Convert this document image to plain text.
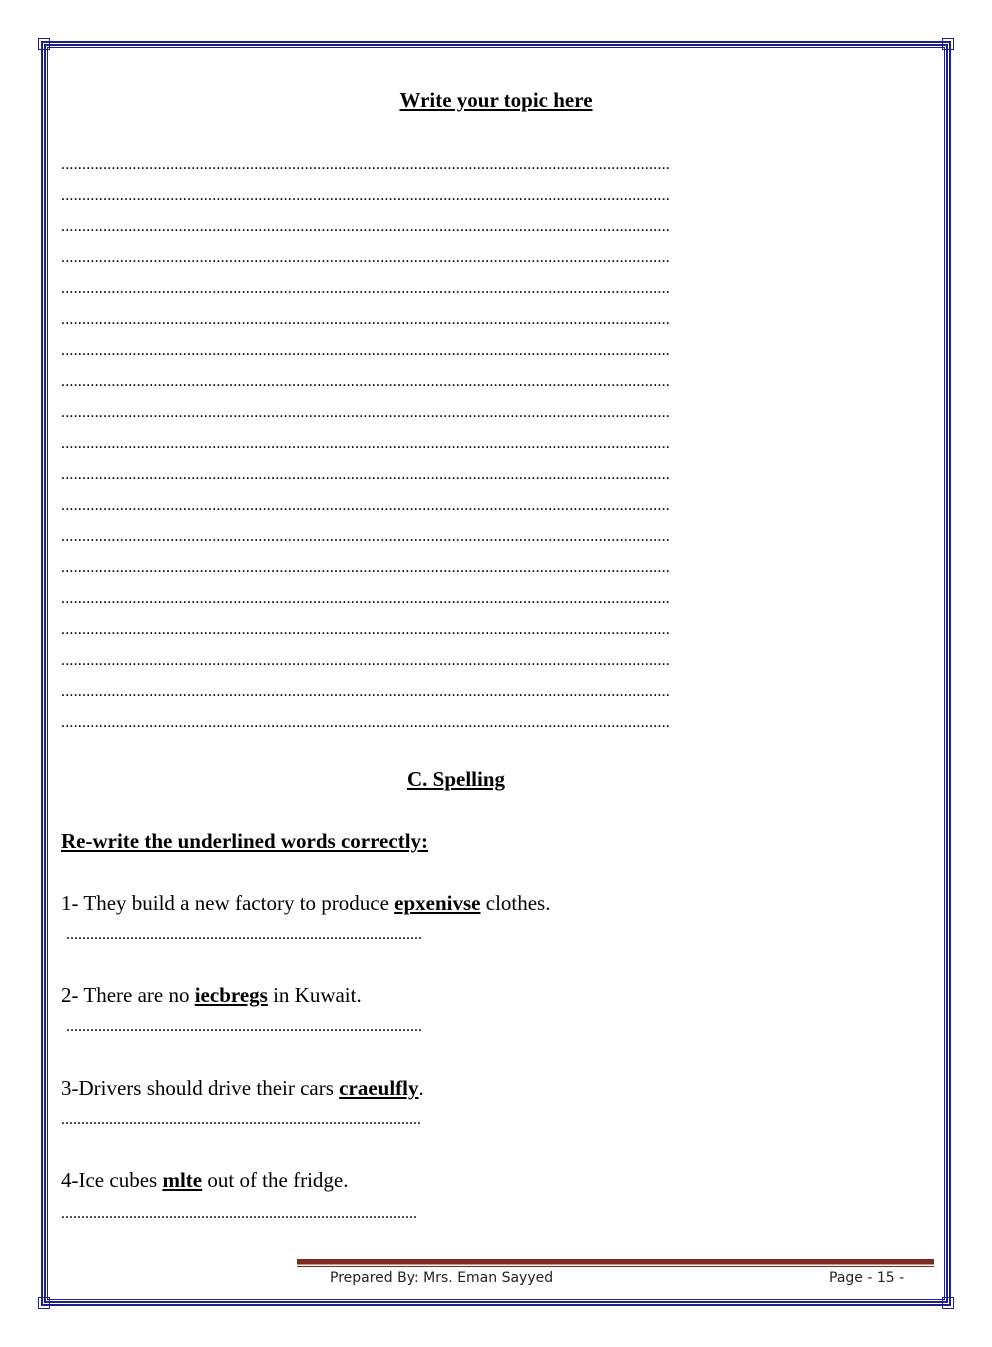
Write your topic here
.................................................................................................................................................
.................................................................................................................................................
.................................................................................................................................................
.................................................................................................................................................
.................................................................................................................................................
.................................................................................................................................................
.................................................................................................................................................
.................................................................................................................................................
.................................................................................................................................................
.................................................................................................................................................
.................................................................................................................................................
.................................................................................................................................................
.................................................................................................................................................
.................................................................................................................................................
.................................................................................................................................................
.................................................................................................................................................
.................................................................................................................................................
.................................................................................................................................................
.................................................................................................................................................
C. Spelling
Re-write the underlined words correctly:
1- They build a new factory to produce epxenivse clothes.
.........................................................................................
2- There are no iecbregs in Kuwait.
.........................................................................................
3-Drivers should drive their cars craeulfly.
..........................................................................................
4-Ice cubes mlte out of the fridge.
.........................................................................................
Prepared By: Mrs. Eman Sayyed	Page - 15 -
